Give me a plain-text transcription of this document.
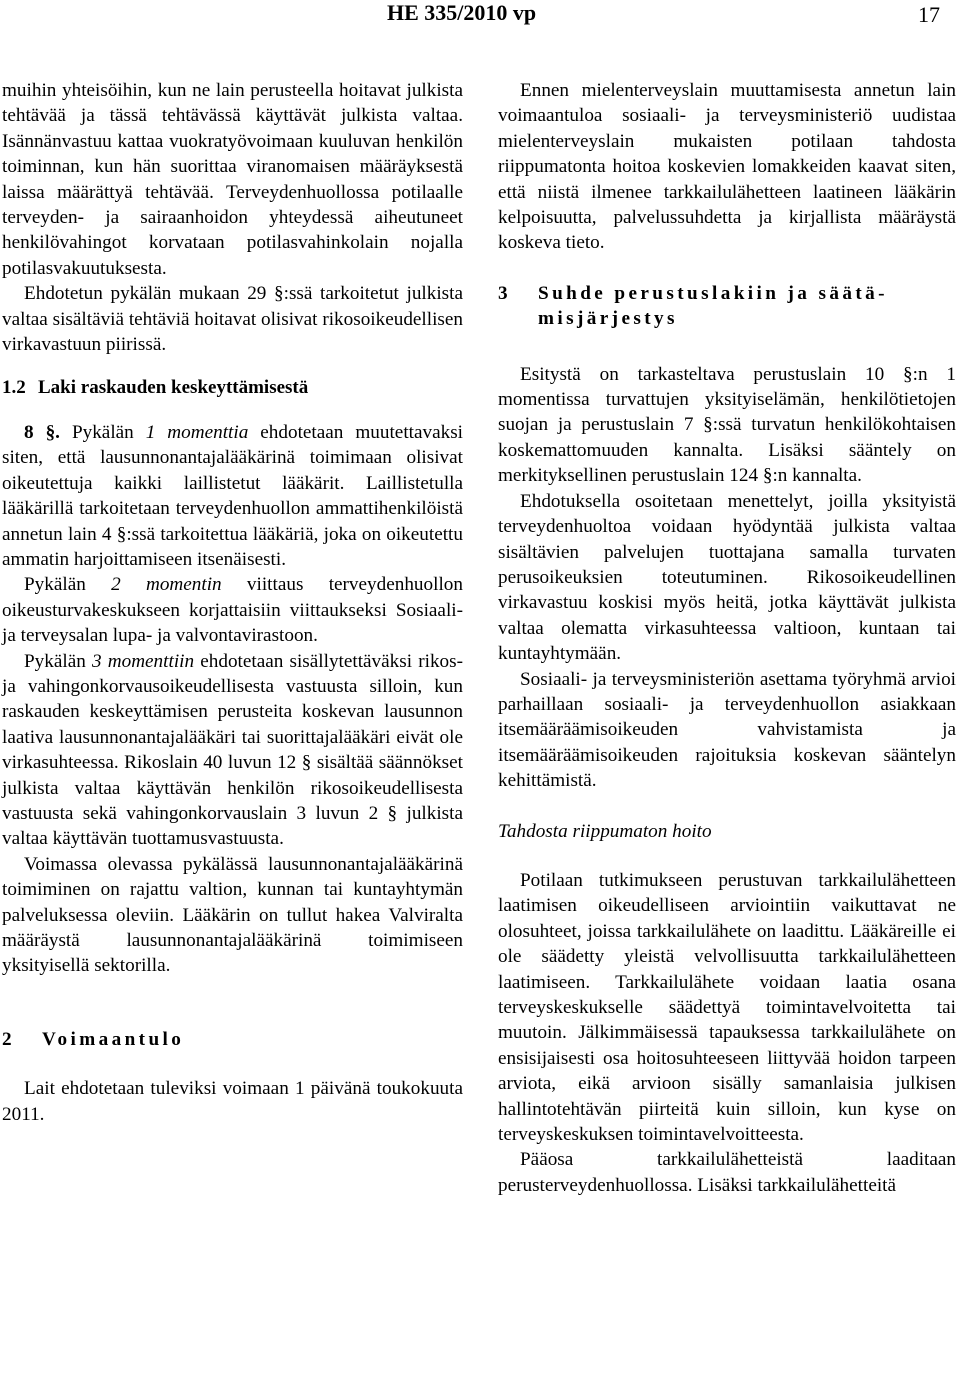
HE 335/2010 vp	17

muihin yhteisöihin, kun ne lain perusteella hoitavat julkista tehtävää ja tässä tehtävässä käyttävät julkista valtaa. Isännänvastuu kattaa vuokratyövoimaan kuuluvan henkilön toiminnan, kun hän suorittaa viranomaisen määräyksestä laissa määrättyä tehtävää. Terveydenhuollossa potilaalle terveyden- ja sairaanhoidon yhteydessä aiheutuneet henkilövahingot korvataan potilasvahinkolain nojalla potilasvakuutuksesta.

Ehdotetun pykälän mukaan 29 §:ssä tarkoitetut julkista valtaa sisältäviä tehtäviä hoitavat olisivat rikosoikeudellisen virkavastuun piirissä.

1.2 Laki raskauden keskeyttämisestä

8 §. Pykälän 1 momenttia ehdotetaan muutettavaksi siten, että lausunnonantajalääkärinä toimimaan olisivat oikeutettuja kaikki laillistetut lääkärit. Laillistetulla lääkärillä tarkoitetaan terveydenhuollon ammattihenkilöistä annetun lain 4 §:ssä tarkoitettua lääkäriä, joka on oikeutettu ammatin harjoittamiseen itsenäisesti.

Pykälän 2 momentin viittaus terveydenhuollon oikeusturvakeskukseen korjattaisiin viittaukseksi Sosiaali- ja terveysalan lupa- ja valvontavirastoon.

Pykälän 3 momenttiin ehdotetaan sisällytettäväksi rikos- ja vahingonkorvausoikeudellisesta vastuusta silloin, kun raskauden keskeyttämisen perusteita koskevan lausunnon laativa lausunnonantajalääkäri tai suorittajalääkäri eivät ole virkasuhteessa. Rikoslain 40 luvun 12 § sisältää säännökset julkista valtaa käyttävän henkilön rikosoikeudellisesta vastuusta sekä vahingonkorvauslain 3 luvun 2 § julkista valtaa käyttävän tuottamusvastuusta.

Voimassa olevassa pykälässä lausunnonantajalääkärinä toimiminen on rajattu valtion, kunnan tai kuntayhtymän palveluksessa oleviin. Lääkärin on tullut hakea Valviralta määräystä lausunnonantajalääkärinä toimimiseen yksityisellä sektorilla.

2	Voimaantulo

Lait ehdotetaan tuleviksi voimaan 1 päivänä toukokuuta 2011.

Ennen mielenterveyslain muuttamisesta annetun lain voimaantuloa sosiaali- ja terveysministeriö uudistaa mielenterveyslain mukaisten potilaan tahdosta riippumatonta hoitoa koskevien lomakkeiden kaavat siten, että niistä ilmenee tarkkailulähetteen laatineen lääkärin kelpoisuutta, palvelussuhdetta ja kirjallista määräystä koskeva tieto.

3	Suhde perustuslakiin ja säätä-
misjärjestys

Esitystä on tarkasteltava perustuslain 10 §:n 1 momentissa turvattujen yksityiselämän, henkilötietojen suojan ja perustuslain 7 §:ssä turvatun henkilökohtaisen koskemattomuuden kannalta. Lisäksi sääntely on merkityksellinen perustuslain 124 §:n kannalta.

Ehdotuksella osoitetaan menettelyt, joilla yksityistä terveydenhuoltoa voidaan hyödyntää julkista valtaa sisältävien palvelujen tuottajana samalla turvaten perusoikeuksien toteutuminen. Rikosoikeudellinen virkavastuu koskisi myös heitä, jotka käyttävät julkista valtaa olematta virkasuhteessa valtioon, kuntaan tai kuntayhtymään.

Sosiaali- ja terveysministeriön asettama työryhmä arvioi parhaillaan sosiaali- ja terveydenhuollon asiakkaan itsemääräämisoikeuden vahvistamista ja itsemääräämisoikeuden rajoituksia koskevan sääntelyn kehittämistä.

Tahdosta riippumaton hoito

Potilaan tutkimukseen perustuvan tarkkailulähetteen laatimisen oikeudelliseen arviointiin vaikuttavat ne olosuhteet, joissa tarkkailulähete on laadittu. Lääkäreille ei ole säädetty yleistä velvollisuutta tarkkailulähetteen laatimiseen. Tarkkailulähete voidaan laatia osana terveyskeskukselle säädettyä toimintavelvoitetta tai muutoin. Jälkimmäisessä tapauksessa tarkkailulähete on ensisijaisesti osa hoitosuhteeseen liittyvää hoidon tarpeen arviota, eikä arvioon sisälly samanlaisia julkisen hallintotehtävän piirteitä kuin silloin, kun kyse on terveyskeskuksen toimintavelvoitteesta.

Pääosa tarkkailulähetteistä laaditaan perusterveydenhuollossa. Lisäksi tarkkailulähetteitä
